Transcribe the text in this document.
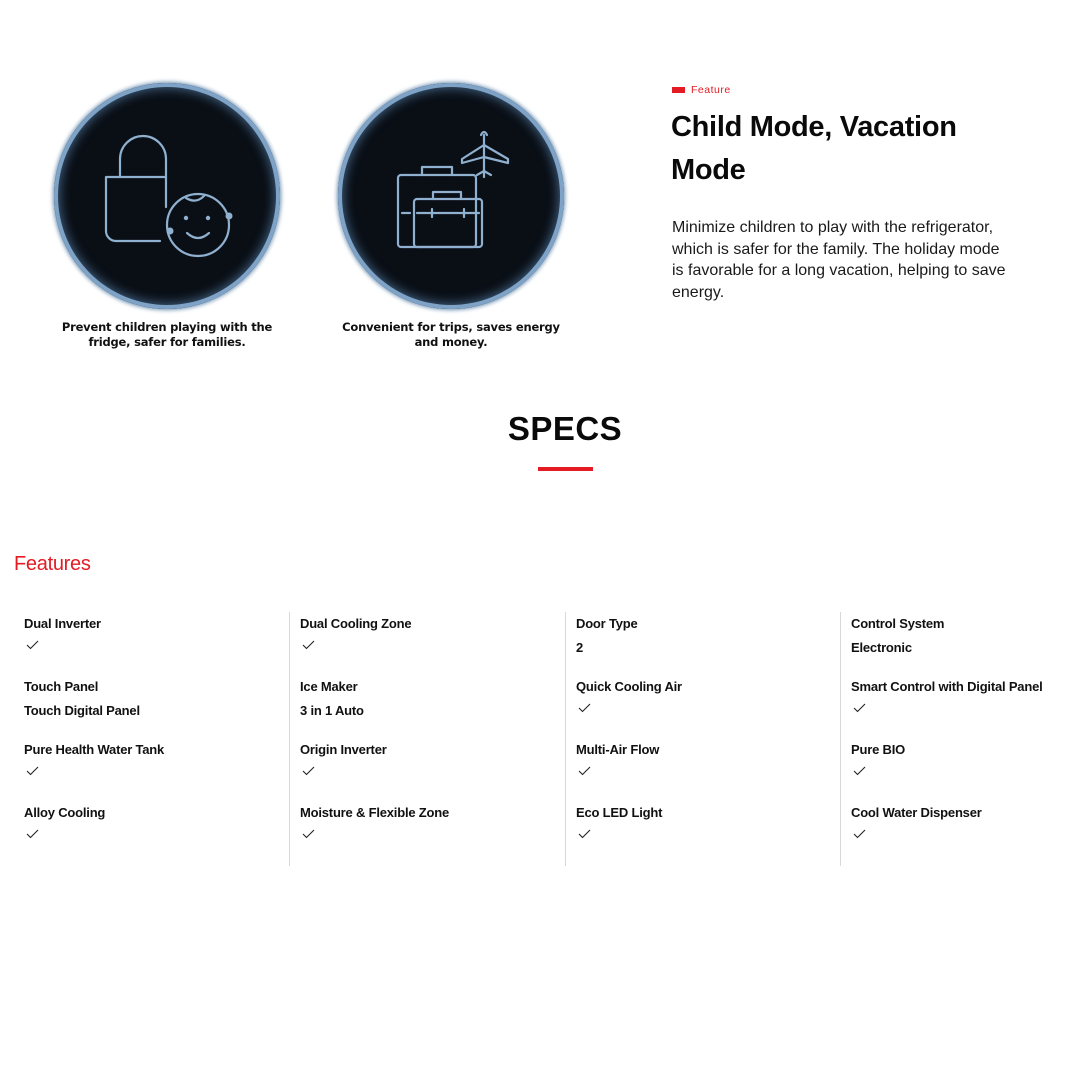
Prevent children playing with the fridge, safer for families.
Convenient for trips, saves energy and money.
Feature
Child Mode, Vacation Mode

Minimize children to play with the refrigerator, which is safer for the family. The holiday mode is favorable for a long vacation, helping to save energy.

SPECS
Features
Dual Inverter
Touch Panel
Touch Digital Panel
Pure Health Water Tank
Alloy Cooling
Dual Cooling Zone
Ice Maker
3 in 1 Auto
Origin Inverter
Moisture & Flexible Zone
Door Type
2
Quick Cooling Air
Multi-Air Flow
Eco LED Light
Control System
Electronic
Smart Control with Digital Panel
Pure BIO
Cool Water Dispenser
